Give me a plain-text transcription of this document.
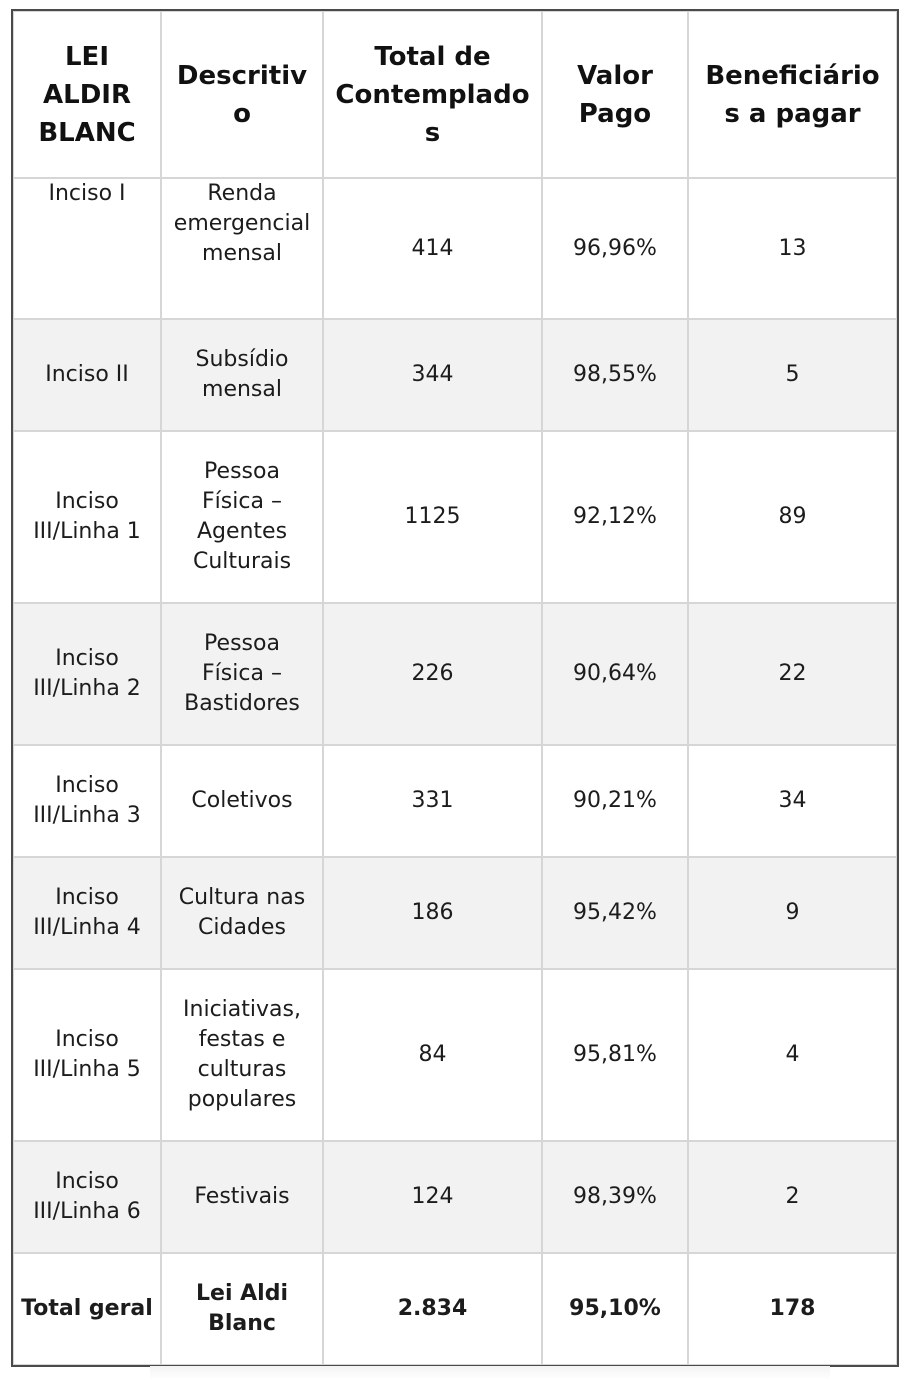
LEI ALDIR BLANC	Descritivo	Total de Contemplados	Valor Pago	Beneficiários a pagar
Inciso I	Renda emergencial mensal	414	96,96%	13
Inciso II	Subsídio mensal	344	98,55%	5
Inciso III/Linha 1	Pessoa Física – Agentes Culturais	1125	92,12%	89
Inciso III/Linha 2	Pessoa Física – Bastidores	226	90,64%	22
Inciso III/Linha 3	Coletivos	331	90,21%	34
Inciso III/Linha 4	Cultura nas Cidades	186	95,42%	9
Inciso III/Linha 5	Iniciativas, festas e culturas populares	84	95,81%	4
Inciso III/Linha 6	Festivais	124	98,39%	2
Total geral	Lei Aldi Blanc	2.834	95,10%	178
